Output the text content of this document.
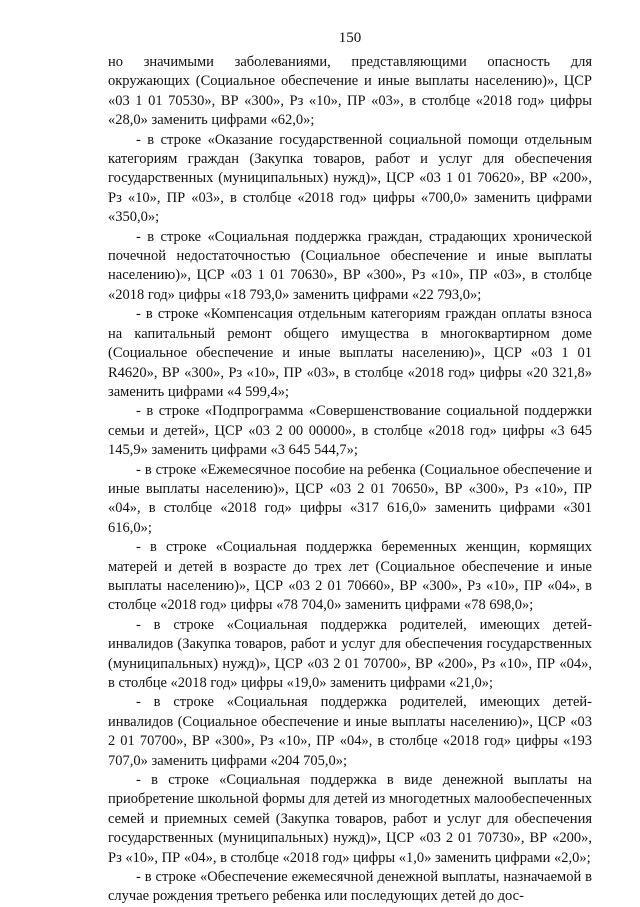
150

но значимыми заболеваниями, представляющими опасность для окружающих (Социальное обеспечение и иные выплаты населению)», ЦСР «03 1 01 70530», ВР «300», Рз «10», ПР «03», в столбце «2018 год» цифры «28,0» заменить цифрами «62,0»;

- в строке «Оказание государственной социальной помощи отдельным категориям граждан (Закупка товаров, работ и услуг для обеспечения государственных (муниципальных) нужд)», ЦСР «03 1 01 70620», ВР «200», Рз «10», ПР «03», в столбце «2018 год» цифры «700,0» заменить цифрами «350,0»;

- в строке «Социальная поддержка граждан, страдающих хронической почечной недостаточностью (Социальное обеспечение и иные выплаты населению)», ЦСР «03 1 01 70630», ВР «300», Рз «10», ПР «03», в столбце «2018 год» цифры «18 793,0» заменить цифрами «22 793,0»;

- в строке «Компенсация отдельным категориям граждан оплаты взноса на капитальный ремонт общего имущества в многоквартирном доме (Социальное обеспечение и иные выплаты населению)», ЦСР «03 1 01 R4620», ВР «300», Рз «10», ПР «03», в столбце «2018 год» цифры «20 321,8» заменить цифрами «4 599,4»;

- в строке «Подпрограмма «Совершенствование социальной поддержки семьи и детей», ЦСР «03 2 00 00000», в столбце «2018 год» цифры «3 645 145,9» заменить цифрами «3 645 544,7»;

- в строке «Ежемесячное пособие на ребенка (Социальное обеспечение и иные выплаты населению)», ЦСР «03 2 01 70650», ВР «300», Рз «10», ПР «04», в столбце «2018 год» цифры «317 616,0» заменить цифрами «301 616,0»;

- в строке «Социальная поддержка беременных женщин, кормящих матерей и детей в возрасте до трех лет (Социальное обеспечение и иные выплаты населению)», ЦСР «03 2 01 70660», ВР «300», Рз «10», ПР «04», в столбце «2018 год» цифры «78 704,0» заменить цифрами «78 698,0»;

- в строке «Социальная поддержка родителей, имеющих детей-инвалидов (Закупка товаров, работ и услуг для обеспечения государственных (муниципальных) нужд)», ЦСР «03 2 01 70700», ВР «200», Рз «10», ПР «04», в столбце «2018 год» цифры «19,0» заменить цифрами «21,0»;

- в строке «Социальная поддержка родителей, имеющих детей-инвалидов (Социальное обеспечение и иные выплаты населению)», ЦСР «03 2 01 70700», ВР «300», Рз «10», ПР «04», в столбце «2018 год» цифры «193 707,0» заменить цифрами «204 705,0»;

- в строке «Социальная поддержка в виде денежной выплаты на приобретение школьной формы для детей из многодетных малообеспеченных семей и приемных семей (Закупка товаров, работ и услуг для обеспечения государственных (муниципальных) нужд)», ЦСР «03 2 01 70730», ВР «200», Рз «10», ПР «04», в столбце «2018 год» цифры «1,0» заменить цифрами «2,0»;

- в строке «Обеспечение ежемесячной денежной выплаты, назначаемой в случае рождения третьего ребенка или последующих детей до дос-
